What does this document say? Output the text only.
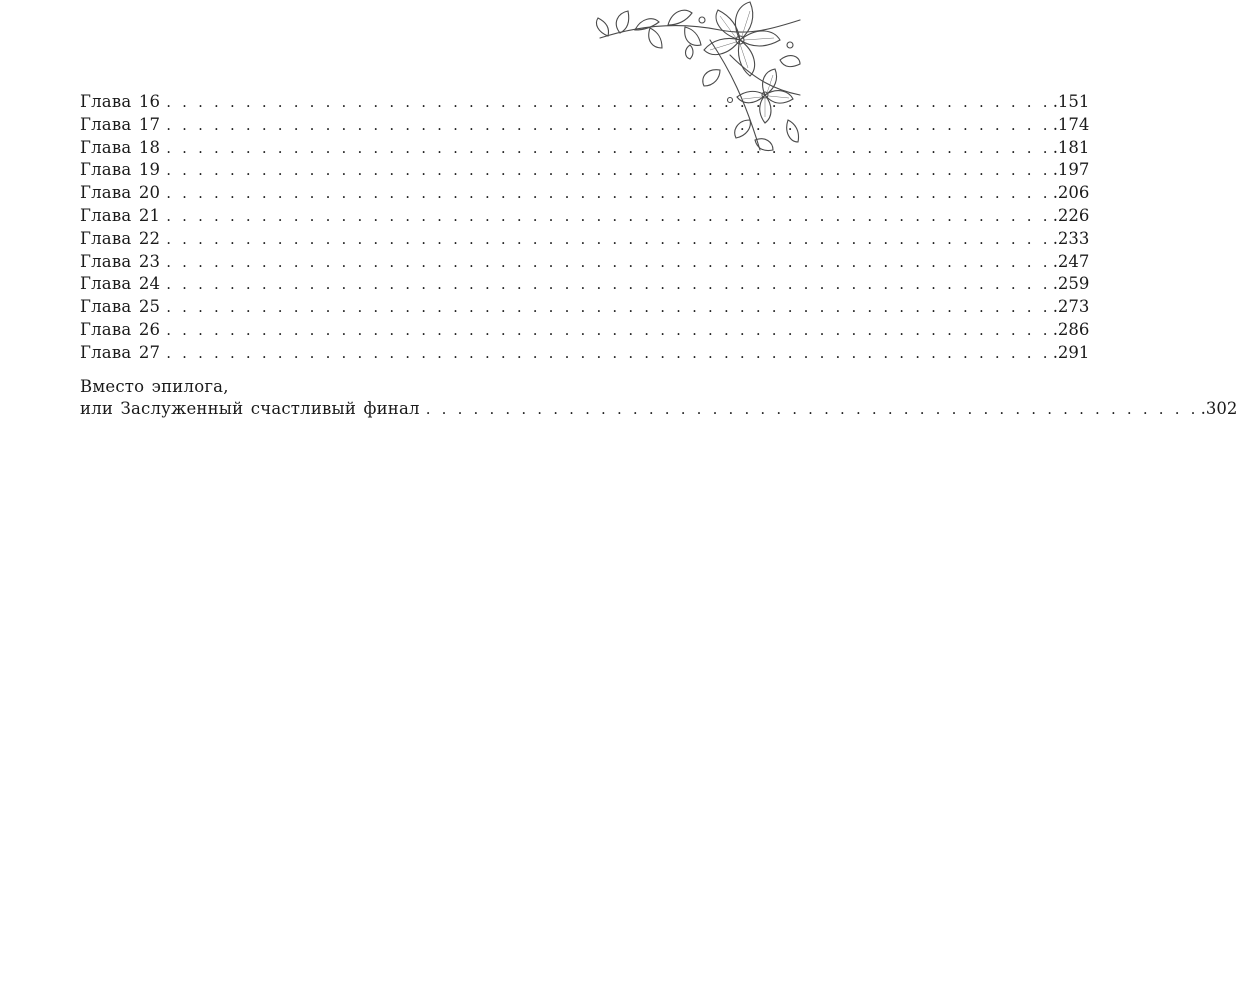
Глава 16 . . . . . . . . . . . . . . . . . . . . . . . . . . . . . . . . . . . . . . . . . . . . . . . . . . . . . . . . .151
Глава 17 . . . . . . . . . . . . . . . . . . . . . . . . . . . . . . . . . . . . . . . . . . . . . . . . . . . . . . . . .174
Глава 18 . . . . . . . . . . . . . . . . . . . . . . . . . . . . . . . . . . . . . . . . . . . . . . . . . . . . . . . . .181
Глава 19 . . . . . . . . . . . . . . . . . . . . . . . . . . . . . . . . . . . . . . . . . . . . . . . . . . . . . . . . .197
Глава 20 . . . . . . . . . . . . . . . . . . . . . . . . . . . . . . . . . . . . . . . . . . . . . . . . . . . . . . . . .206
Глава 21 . . . . . . . . . . . . . . . . . . . . . . . . . . . . . . . . . . . . . . . . . . . . . . . . . . . . . . . . .226
Глава 22 . . . . . . . . . . . . . . . . . . . . . . . . . . . . . . . . . . . . . . . . . . . . . . . . . . . . . . . . .233
Глава 23 . . . . . . . . . . . . . . . . . . . . . . . . . . . . . . . . . . . . . . . . . . . . . . . . . . . . . . . . .247
Глава 24 . . . . . . . . . . . . . . . . . . . . . . . . . . . . . . . . . . . . . . . . . . . . . . . . . . . . . . . . .259
Глава 25 . . . . . . . . . . . . . . . . . . . . . . . . . . . . . . . . . . . . . . . . . . . . . . . . . . . . . . . . .273
Глава 26 . . . . . . . . . . . . . . . . . . . . . . . . . . . . . . . . . . . . . . . . . . . . . . . . . . . . . . . . .286
Глава 27 . . . . . . . . . . . . . . . . . . . . . . . . . . . . . . . . . . . . . . . . . . . . . . . . . . . . . . . . .291
Вместо эпилога,
или Заслуженный счастливый финал . . . . . . . . . . . . . . . . . . . . . . . . . . . . . . . . . . . . . . . . . . . . . . . . . .302
